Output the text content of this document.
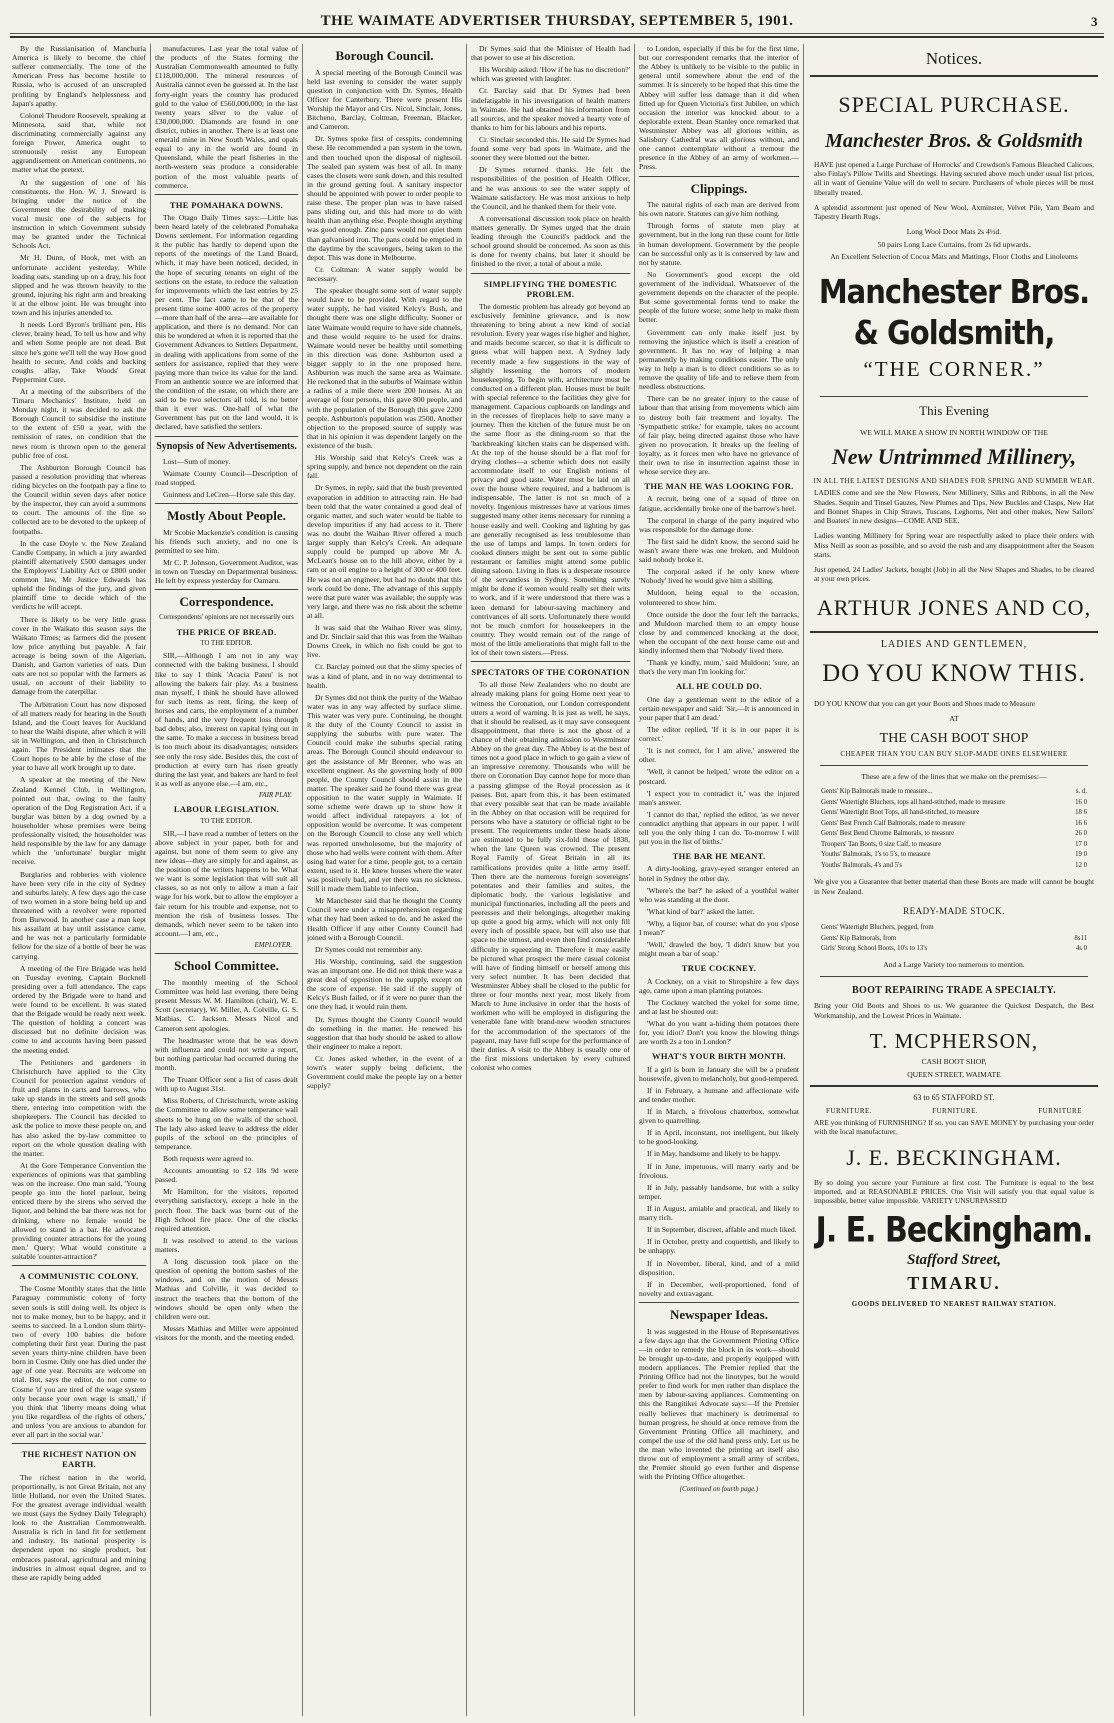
THE WAIMATE ADVERTISER THURSDAY, SEPTEMBER 5, 1901.	3

By the Russianisation of Manchuria America is likely to become the chief sufferer commercially. The tone of the American Press has become hostile to Russia, who is accused of an unscrupled profiting by England's helplessness and Japan's apathy.

Colonel Theodore Roosevelt, speaking at Minnesota, said that, while not discriminating commercially against any foreign Power, America ought to strenuously resist any European aggrandisement on American continents, no matter what the pretext.

At the suggestion of one of his constituents, the Hon. W. J. Steward is bringing under the notice of the Government the desirability of making vocal music one of the subjects for instruction in which Government subsidy may be granted under the Technical Schools Act.

Mr H. Dunn, of Hook, met with an unfortunate accident yesterday. While loading oats, standing up on a dray, his foot slipped and he was thrown heavily to the ground, injuring his right arm and breaking it at the elbow joint. He was brought into town and his injuries attended to.

It needs Lord Byron's brilliant pen, His clever, brainy head, To tell us how and why and when Some people are not dead. But since he's gone we'll tell the way How good health to secure, And colds and backing coughs allay, Take Woods' Great Peppermint Cure.

At a meeting of the subscribers of the Timaru Mechanics' Institute, held on Monday night, it was decided to ask the Borough Council to subsidise the institute to the extent of £50 a year, with the remission of rates, on condition that the news room is thrown open to the general public free of cost.

The Ashburton Borough Council has passed a resolution providing that whereas riding bicycles on the footpath pay a fine to the Council within seven days after notice by the inspector, they can avoid a summons to court. The amounts of the fine so collected are to be devoted to the upkeep of footpaths.

In the case Doyle v. the New Zealand Candle Company, in which a jury awarded plaintiff alternatively £500 damages under the Employers' Liability Act or £800 under common law, Mr Justice Edwards has upheld the findings of the jury, and given plaintiff time to decide which of the verdicts he will accept.

There is likely to be very little grass cover in the Waikato this season says the Waikato Times; as farmers did the present low price anything but payable. A fair acreage is being sown of the Algerian, Danish, and Garton varieties of oats. Dun oats are not so popular with the farmers as usual, on account of their liability to damage from the caterpillar.

The Arbitration Court has now disposed of all matters ready for hearing in the South Island, and the Court leaves for Auckland to hear the Waihi dispute, after which it will sit in Wellington, and then in Christchurch again. The President intimates that the Court hopes to be able by the close of the year to have all work brought up to date.

A speaker at the meeting of the New Zealand Kennel Club, in Wellington, pointed out that, owing to the faulty operation of the Dog Registration Act, if a burglar was bitten by a dog owned by a householder whose premises were being professionally visited, the householder was held responsible by the law for any damage which the 'unfortunate' burglar might receive.

Burglaries and robberies with violence have been very rife in the city of Sydney and suburbs lately. A few days ago the case of two women in a store being held up and threatened with a revolver were reported from Burwood. In another case a man kept his assailant at bay until assistance came, and he was not a particularly formidable fellow for the size of a bottle of beer he was carrying.

A meeting of the Fire Brigade was held on Tuesday evening, Captain Bucknell presiding over a full attendance. The caps ordered by the Brigade were to hand and were found to be excellent. It was stated that the Brigade would be ready next week. The question of holding a concert was discussed but no definite decision was come to and accounts having been passed the meeting ended.

The Petitioners and gardeners in Christchurch have applied to the City Council for protection against vendors of fruit and plants in carts and barrows, who take up stands in the streets and sell goods there, entering into competition with the shopkeepers. The Council has decided to ask the police to move these people on, and has also asked the by-law committee to report on the whole question dealing with the matter.

At the Gore Temperance Convention the experiences of opinions was that gambling was on the increase. One man said, 'Young people go into the hotel parlour, being enticed there by the sirens who served the liquor, and behind the bar there was not for drinking, where no female would be allowed to stand in a bar. He advocated providing counter attractions for the young men.' Query: What would constitute a suitable 'counter-attraction?'

A COMMUNISTIC COLONY.

The Cosme Monthly states that the little Paraguay communistic colony of forty seven souls is still doing well. Its object is not to make money, but to be happy, and it seems to succeed. In a London slum thirty-two of every 100 babies die before completing their first year. During the past seven years thirty-nine children have been born in Cosme. Only one has died under the age of one year. Recruits are welcome on trial. But, says the editor, do not come to Cosme 'if you are tired of the wage system only because your own wage is small,' if you think that 'liberty means doing what you like regardless of the rights of others,' and unless 'you are anxious to abandon for ever all part in the social war.'

THE RICHEST NATION ON EARTH.

The richest nation in the world, proportionally, is not Great Britain, not any little Holland, nor even the United States. For the greatest average individual wealth we must (says the Sydney Daily Telegraph) look to the Australian Commonwealth. Australia is rich in land fit for settlement and industry. Its national prosperity is dependent upon no single product, but embraces pastoral, agricultural and mining industries in almost equal degree, and to these are rapidly being added

manufactures. Last year the total value of the products of the States forming the Australian Commonwealth amounted to fully £118,000,000. The mineral resources of Australia cannot even be guessed at. In the last forty-eight years the country has produced gold to the value of £560,000,000; in the last twenty years silver to the value of £30,000,000. Diamonds are found in one district, rubies in another. There is at least one emerald mine in New South Wales, and opals equal to any in the world are found in Queensland, while the pearl fisheries in the north-western seas produce a considerable portion of the most valuable pearls of commerce.

THE POMAHAKA DOWNS.

The Otago Daily Times says:—Little has been heard lately of the celebrated Pomahaka Downs settlement. For information regarding it the public has hardly to depend upon the reports of the meetings of the Land Board, which, it may have been noticed, decided, in the hope of securing tenants on eight of the sections on the estate, to reduce the valuation for improvements which the last entries by 25 per cent. The fact came to be that of the present time some 4000 acres of the property—more than half of the area—are available for application, and there is no demand. Nor can this be wondered at when it is reported that the Government Advances to Settlers Department, in dealing with applications from some of the settlers for assistance, replied that they were paying more than twice its value for the land. From an authentic source we are informed that the condition of the estate, on which there are said to be two selectors all told, is no better than it ever was. One-half of what the Government has put on the land would, it is declared, have satisfied the settlers.

Synopsis of New Advertisements.

Lost—Sum of money.

Waimate County Council—Description of road stopped.

Guinness and LeCren—Horse sale this day.

Mostly About People.

Mr Scobie Mackenzie's condition is causing his friends such anxiety, and no one is permitted to see him.

Mr C. P. Johnson, Government Auditor, was in town on Tuesday on Departmental business. He left by express yesterday for Oamaru.

Correspondence.
Correspondents' opinions are not necessarily ours
THE PRICE OF BREAD.
TO THE EDITOR.

SIR,—Although I am not in any way connected with the baking business, I should like to say I think 'Acacia Pateu' is not allowing the bakers fair play. As a business man myself, I think he should have allowed for such items as rent, firing, the keep of horses and carts, the employment of a number of hands, and the very frequent loss through bad debts; also, interest on capital lying out in the same. To make a success in business bread is too much about its disadvantages; outsiders see only the rosy side. Besides this, the cost of production at every turn has risen greatly during the last year, and bakers are hard to feel it as well as anyone else.—I am, etc.,

FAIR PLAY.
LABOUR LEGISLATION.
TO THE EDITOR.

SIR,—I have read a number of letters on the above subject in your paper, both for and against, but none of them seem to give any new ideas—they are simply for and against, as the position of the writers happens to be. What we want is some legislation that will suit all classes, so as not only to allow a man a fair wage for his work, but to allow the employer a fair return for his trouble and expense, not to mention the risk of business losses. The demands, which never seem to be taken into account.—I am, etc.,

EMPLOYER.
School Committee.

The monthly meeting of the School Committee was held last evening, there being present Messrs W. M. Hamilton (chair), W. E. Scott (secretary), W. Miller, A. Colville, G. S. Mathias, C. Jackson. Messrs Nicol and Cameron sent apologies.

The headmaster wrote that he was down with influenza and could not write a report, but nothing particular had occurred during the month.

The Truant Officer sent a list of cases dealt with up to August 31st.

Miss Roberts, of Christchurch, wrote asking the Committee to allow some temperance wall sheets to be hung on the walls of the school. The lady also asked leave to address the elder pupils of the school on the principles of temperance.

Both requests were agreed to.

Accounts amounting to £2 18s 9d were passed.

Mr Hamilton, for the visitors, reported everything satisfactory, except a hole in the porch floor. The back was burnt out of the High School fire place. One of the clocks required attention.

It was resolved to attend to the various matters.

A long discussion took place on the question of opening the bottom sashes of the windows, and on the motion of Messrs Mathias and Colville, it was decided to instruct the teachers that the bottom of the windows should be open only when the children were out.

Messrs Mathias and Miller were appointed visitors for the month, and the meeting ended.

Borough Council.

A special meeting of the Borough Council was held last evening to consider the water supply question in conjunction with Dr. Symes, Health Officer for Canterbury. There were present His Worship the Mayor and Crs. Nicol, Sinclair, Jones, Bitcheno, Barclay, Coltman, Freeman, Blacker, and Cameron.

Dr. Symes spoke first of cesspits, condemning these. He recommended a pan system in the town, and then touched upon the disposal of nightsoil. The sealed pan system was best of all. In many cases the closets were sunk down, and this resulted in the ground getting foul. A sanitary inspector should be appointed with power to order people to raise these. The proper plan was to have raised pans sliding out, and this had more to do with health than anything else. People thought anything was good enough. Zinc pans would not quiet them than galvanised iron. The pans could be emptied in the daytime by the scavengers, being taken to the depot. This was done in Melbourne.

Cr. Coltman: A water supply would be necessary.

The speaker thought some sort of water supply would have to be provided. With regard to the water supply, he had visited Kelcy's Bush, and thought there was one slight difficulty. Sooner or later Waimate would require to have side channels, and these would require to be used for drains. Waimate would never be healthy until something in this direction was done. Ashburton used a bigger supply to in the one proposed here. Ashburton was much the same area as Waimate. He reckoned that in the suburbs of Waimate within a radius of a mile there were 200 houses. At an average of four persons, this gave 800 people, and with the population of the Borough this gave 2200 people. Ashburton's population was 2500. Another objection to the proposed source of supply was that in his opinion it was dependent largely on the existence of the bush.

His Worship said that Kelcy's Creek was a spring supply, and hence not dependent on the rain fall.

Dr Symes, in reply, said that the bush prevented evaporation in addition to attracting rain. He had been told that the water contained a good deal of organic matter, and such water would be liable to develop impurities if any had access to it. There was no doubt the Waihao River offered a much larger supply than Kelcy's Creek. An adequate supply could be pumped up above Mr A. McLean's house on to the hill above, either by a ram or an oil engine to a height of 300 or 400 feet. He was not an engineer, but had no doubt that this work could be done. The advantage of this supply were that pure water was available; the supply was very large, and there was no risk about the scheme at all.

It was said that the Waihao River was slimy, and Dr. Sinclair said that this was from the Waihao Downs Creek, in which no fish could be got to live.

Cr. Barclay pointed out that the slimy species of was a kind of plant, and in no way detrimental to health.

Dr Symes did not think the purity of the Waihao water was in any way affected by surface slime. This water was very pure. Continuing, he thought it the duty of the County Council to assist in supplying the suburbs with pure water. The Council could make the suburbs special rating areas. The Borough Council should endeavour to get the assistance of Mr Brenner, who was an excellent engineer. As the governing body of 800 people, the County Council should assist in the matter. The speaker said he found there was great opposition to the water supply in Waimate. If some scheme were drawn up to show how it would affect individual ratepayers a lot of opposition would be overcome. It was competent on the Borough Council to close any well which was reported unwholesome, but the majority of those who had wells were content with them. After using bad water for a time, people got, to a certain extent, used to it. He knew houses where the water was positively bad, and yet there was no sickness. Still it made them liable to infection.

Mr Manchester said that he thought the County Council were under a misapprehension regarding what they had been asked to do, and he asked the Health Officer if any other County Council had joined with a Borough Council.

Dr Symes could not remember any.

His Worship, continuing, said the suggestion was an important one. He did not think there was a great deal of opposition to the supply, except on the score of expense. He said if the supply of Kelcy's Bush failed, or if it were no purer than the one they had, it would ruin them.

Dr. Symes thought the County Council would do something in the matter. He renewed his suggestion that that body should be asked to allow their engineer to make a report.

Cr. Jones asked whether, in the event of a town's water supply being deficient, the Government could make the people lay on a better supply?

Dr Symes said that the Minister of Health had that power to use at his discretion.

His Worship asked: 'How if he has no discretion?' which was greeted with laughter.

Cr. Barclay said that Dr Symes had been indefatigable in his investigation of health matters in Waimate. He had obtained his information from all sources, and the speaker moved a hearty vote of thanks to him for his labours and his reports.

Cr. Sinclair seconded this. He said Dr Symes had found some very bad spots in Waimate, and the sooner they were blotted out the better.

Dr Symes returned thanks. He felt the responsibilities of the position of Health Officer, and he was anxious to see the water supply of Waimate satisfactory. He was most anxious to help the Council, and he thanked them for their vote.

A conversational discussion took place on health matters generally. Dr Symes urged that the drain leading through the Council's paddock and the school ground should be concerned. As soon as this is done for twenty chains, but later it should be finished to the river, a total of about a mile.

SIMPLIFYING THE DOMESTIC PROBLEM.

The domestic problem has already got beyond an exclusively feminine grievance, and is now threatening to bring about a new kind of social revolution. Every year wages rise higher and higher, and maids become scarcer, so that it is difficult to guess what will happen next. A Sydney lady recently made a few suggestions in the way of slightly lessening the horrors of modern housekeeping. To begin with, architecture must be conducted on a different plan. Houses must be built with special reference to the facilities they give for management. Capacious cupboards on landings and in the recesses of fireplaces help to save many a journey. Then the kitchen of the future must be on the same floor as the dining-room so that the 'backbreaking' kitchen stairs can be dispensed with. At the top of the house should be a flat roof for drying clothes—a scheme which does not easily accommodate itself to our English notions of privacy and good taste. Water must be laid on all over the house where required, and a bathroom is indispensable. The latter is not so much of a novelty. Ingenious mistresses have at various times suggested many other items necessary for running a house easily and well. Cooking and lighting by gas are generally recognised as less troublesome than the use of lamps and lamps. In town orders for cooked dinners might be sent out to some public restaurant or families might attend some public dining saloon. Living in flats is a desperate resource of the servantless in Sydney. Something surely might be done if women would really set their wits to work, and if it were understood that there was a keen demand for labour-saving machinery and contrivances of all sorts. Unfortunately there would not be much comfort for housekeepers in the country. They would remain out of the range of most of the little ameliorations that might fall to the lot of their town sisters.—Press.

SPECTATORS OF THE CORONATION

To all those New Zealanders who no doubt are already making plans for going Home next year to witness the Coronation, our London correspondent utters a word of warning. It is just as well, he says, that it should be realised, as it may save consequent disappointment, that there is not the ghost of a chance of their obtaining admission to Westminster Abbey on the great day. The Abbey is at the best of times not a good place in which to go gain a view of an impressive ceremony. Thousands who will be there on Coronation Day cannot hope for more than a passing glimpse of the Royal procession as it passes. But, apart from this, it has been estimated that every possible seat that can be made available in the Abbey on that occasion will be required for persons who have a statutory or official right to be present. The requirements under these heads alone are estimated to be fully six-fold those of 1838, when the late Queen was crowned. The present Royal Family of Great Britain in all its ramifications provides quite a little army itself. Then there are the numerous foreign sovereigns' potentates and their families and suites, the diplomatic body, the various legislative and municipal functionaries, including all the peers and peeresses and their belongings, altogether making up quite a good big army, which will not only fill every inch of possible space, but will also use that space to the utmost, and even then find considerable difficulty in squeezing in. Therefore it may easily be pictured what prospect the mere casual colonist will have of finding himself or herself among this very select number. It has been decided that Westminster Abbey shall be closed to the public for three or four months next year, most likely from March to June inclusive in order that the hosts of workmen who will be employed in disfiguring the venerable fane with brand-new wooden structures for the accommodation of the spectators of the pageant, may have full scope for the performance of their duties. A visit to the Abbey is usually one of the first missions undertaken by every cultured colonist who comes

to London, especially if this be for the first time, but our correspondent remarks that the interior of the Abbey is unlikely to be visible to the public in general until somewhere about the end of the summer. It is sincerely to be hoped that this time the Abbey will suffer less damage than it did when fitted up for Queen Victoria's first Jubilee, on which occasion the interior was knocked about to a deplorable extent. Dean Stanley once remarked that Westminster Abbey was all glorious within, as Salisbury Cathedral was all glorious without, and one cannot contemplate without a tremour the presence in the Abbey of an army of workmen.—Press.

Clippings.

The natural rights of each man are derived from his own nature. Statutes can give him nothing.

Through forms of statute men play at government, but in the long run these count for little in human development. Government by the people can be successful only as it is conserved by law and not by statute.

No Government's good except the old government of the individual. Whatsoever of the government depends on the character of the people. But some governmental forms tend to make the people of the future worse; some help to make them better.

Government can only make itself just by removing the injustice which is itself a creation of government. It has no way of helping a man permanently by making conditions easier. The only way to help a man is to direct conditions so as to remove the quality of life and to relieve them from needless obstructions.

There can be no greater injury to the cause of labour than that arising from movements which aim to destroy both fair treatment and loyalty. The 'Sympathetic strike,' for example, takes no account of fair play, being directed against those who have given no provocation. It breaks up the feeling of loyalty, as it forces men who have no grievance of their own to rise in insurrection against those in whose service they are.

THE MAN HE WAS LOOKING FOR.

A recruit, being one of a squad of three on fatigue, accidentally broke one of the barrow's heel.

The corporal in charge of the party inquired who was responsible for the damage done.

The first said he didn't know, the second said he wasn't aware there was one broken, and Muldoon said nobody broke it.

The corporal asked if he only knew where 'Nobody' lived he would give him a shilling.

Muldoon, being equal to the occasion, volunteered to show him.

Once outside the door the four left the barracks, and Muldoon marched them to an empty house close by and commenced knocking at the door, when the occupant of the next house came out and kindly informed them that 'Nobody' lived there.

'Thank ye kindly, mum,' said Muldoon; 'sure, an that's the very man I'm looking for.'

ALL HE COULD DO.

One day a gentleman went to the editor of a certain newspaper and said: 'Sir,—It is announced in your paper that I am dead.'

The editor replied, 'If it is in our paper it is correct.'

'It is not correct, for I am alive,' answered the other.

'Well, it cannot be helped,' wrote the editor on a postcard.

'I expect you to contradict it,' was the injured man's answer.

'I cannot do that,' replied the editor, 'as we never contradict anything that appears in our paper. I will tell you the only thing I can do. To-morrow I will put you in the list of births.'

THE BAR HE MEANT.

A dirty-looking, gravy-eyed stranger entered an hotel in Sydney the other day.

'Where's the bar?' he asked of a youthful waiter who was standing at the door.

'What kind of bar?' asked the latter.

'Why, a liquor bar, of course; what do you s'pose I mean?'

'Well,' drawled the boy, 'I didn't know but you might mean a bar of soap.'

TRUE COCKNEY.

A Cockney, on a visit to Shropshire a few days ago, came upon a man planting potatoes.

The Cockney watched the yokel for some time, and at last he shouted out:

'What do you want a-hiding them potatoes there for, you idiot? Don't you know the blowing things are worth 2s a too in London?'

WHAT'S YOUR BIRTH MONTH.

If a girl is born in January she will be a prudent housewife, given to melancholy, but good-tempered.

If in February, a humane and affectionate wife and tender mother.

If in March, a frivolous chatterbox, somewhat given to quarrelling.

If in April, inconstant, not intelligent, but likely to be good-looking.

If in May, handsome and likely to be happy.

If in June, impetuous, will marry early and be frivolous.

If in July, passably handsome, but with a sulky temper.

If in August, amiable and practical, and likely to marry rich.

If in September, discreet, affable and much liked.

If in October, pretty and coquettish, and likely to be unhappy.

If in November, liberal, kind, and of a mild disposition.

If in December, well-proportioned, fond of novelty and extravagant.

Newspaper Ideas.

It was suggested in the House of Representatives a few days ago that the Government Printing Office—in order to remedy the block in its work—should be brought up-to-date, and properly equipped with modern appliances. The Premier replied that the Printing Office had not the linotypes, but he would prefer to find work for men rather than displace the men by labour-saving appliances. Commenting on this the Rangitikei Advocate says:—If the Premier really believes that machinery is detrimental to human progress, he should at once remove from the Government Printing Office all machinery, and compel the use of the old hand press only. Let us be the man who invented the printing art itself also throw out of employment a small army of scribes, the Premier should go even further and dispense with the Printing Office altogether.

(Continued on fourth page.)
Notices.
SPECIAL PURCHASE.
Manchester Bros. & Goldsmith
HAVE just opened a Large Purchase of Horrocks' and Crewdson's Famous Bleached Calicoes, also Finlay's Pillow Twills and Sheetings. Having secured above much under usual list prices, all in want of Genuine Value will do well to secure. Purchasers of whole pieces will be most liberally treated.
A splendid assortment just opened of New Wool, Axminster, Velvet Pile, Yarn Beam and Tapestry Hearth Rugs.
Long Wool Door Mats 2s 4½d.
50 pairs Long Lace Curtains, from 2s 6d upwards.
An Excellent Selection of Cocoa Mats and Mattings, Floor Cloths and Linoleums
Manchester Bros. & Goldsmith,
“THE CORNER.”
This Evening
WE WILL MAKE A SHOW IN NORTH WINDOW OF THE
New Untrimmed Millinery,
IN ALL THE LATEST DESIGNS AND SHADES FOR SPRING AND SUMMER WEAR.
LADIES come and see the New Flowers, New Millinery, Silks and Ribbons, in all the New Shades. Sequin and Tinsel Gauzes, New Plumes and Tips, New Buckles and Clasps, New Hat and Bonnet Shapes in Chip Straws, Tuscans, Leghorns, Net and other makes, New Sailors' and Boaters' in new designs—COME AND SEE.
Ladies wanting Millinery for Spring wear are respectfully asked to place their orders with Miss Neill as soon as possible, and so avoid the rush and any disappointment after the Season starts.
Just opened, 24 Ladies' Jackets, bought (Job) in all the New Shapes and Shades, to be cleared at your own prices.
ARTHUR JONES AND CO,
LADIES AND GENTLEMEN,
DO YOU KNOW THIS.
DO YOU KNOW that you can get your Boots and Shoes made to Measure
AT
THE CASH BOOT SHOP
CHEAPER THAN YOU CAN BUY SLOP-MADE ONES ELSEWHERE
These are a few of the lines that we make on the premises:—
Gents' Kip Balmorals made to measure...	s. d.
Gents' Watertight Bluchers, tops all hand-stitched, made to measure	16 0
Gents' Watertight Boot Tops, all hand-stitched, to measure	18 6
Gents' Best French Calf Balmorals, made to measure	16 6
Gents' Best Bend Chrome Balmorals, to measure	26 0
Troopers' Tan Boots, 0 size Calf, to measure	17 0
Youths' Balmorals, 1's to 5's, to measure	19 0
Youths' Balmorals, 4's and 5's	12 0
We give you a Guarantee that better material than these Boots are made will cannot be bought in New Zealand.
READY-MADE STOCK.
Gents' Watertight Bluchers, pegged, from	
Gents' Kip Balmorals, from	8s11
Girls' Strong School Boots, 10's to 13's	4s 0
And a Large Variety too numerous to mention.
BOOT REPAIRING TRADE A SPECIALTY.
Bring your Old Boots and Shoes to us. We guarantee the Quickest Despatch, the Best Workmanship, and the Lowest Prices in Waimate.
T. MCPHERSON,
CASH BOOT SHOP,
QUEEN STREET, WAIMATE
63 to 65 STAFFORD ST.
FURNITURE.	FURNITURE.	FURNITURE
ARE you thinking of FURNISHING? If so, you can SAVE MONEY by purchasing your order with the local manufacturer,
J. E. BECKINGHAM.
By so doing you secure your Furniture at first cost. The Furniture is equal to the best imported, and at REASONABLE PRICES. One Visit will satisfy you that equal value is impossible, better value impossible. VARIETY UNSURPASSED
J. E. Beckingham.
Stafford Street,
TIMARU.
GOODS DELIVERED TO NEAREST RAILWAY STATION.
